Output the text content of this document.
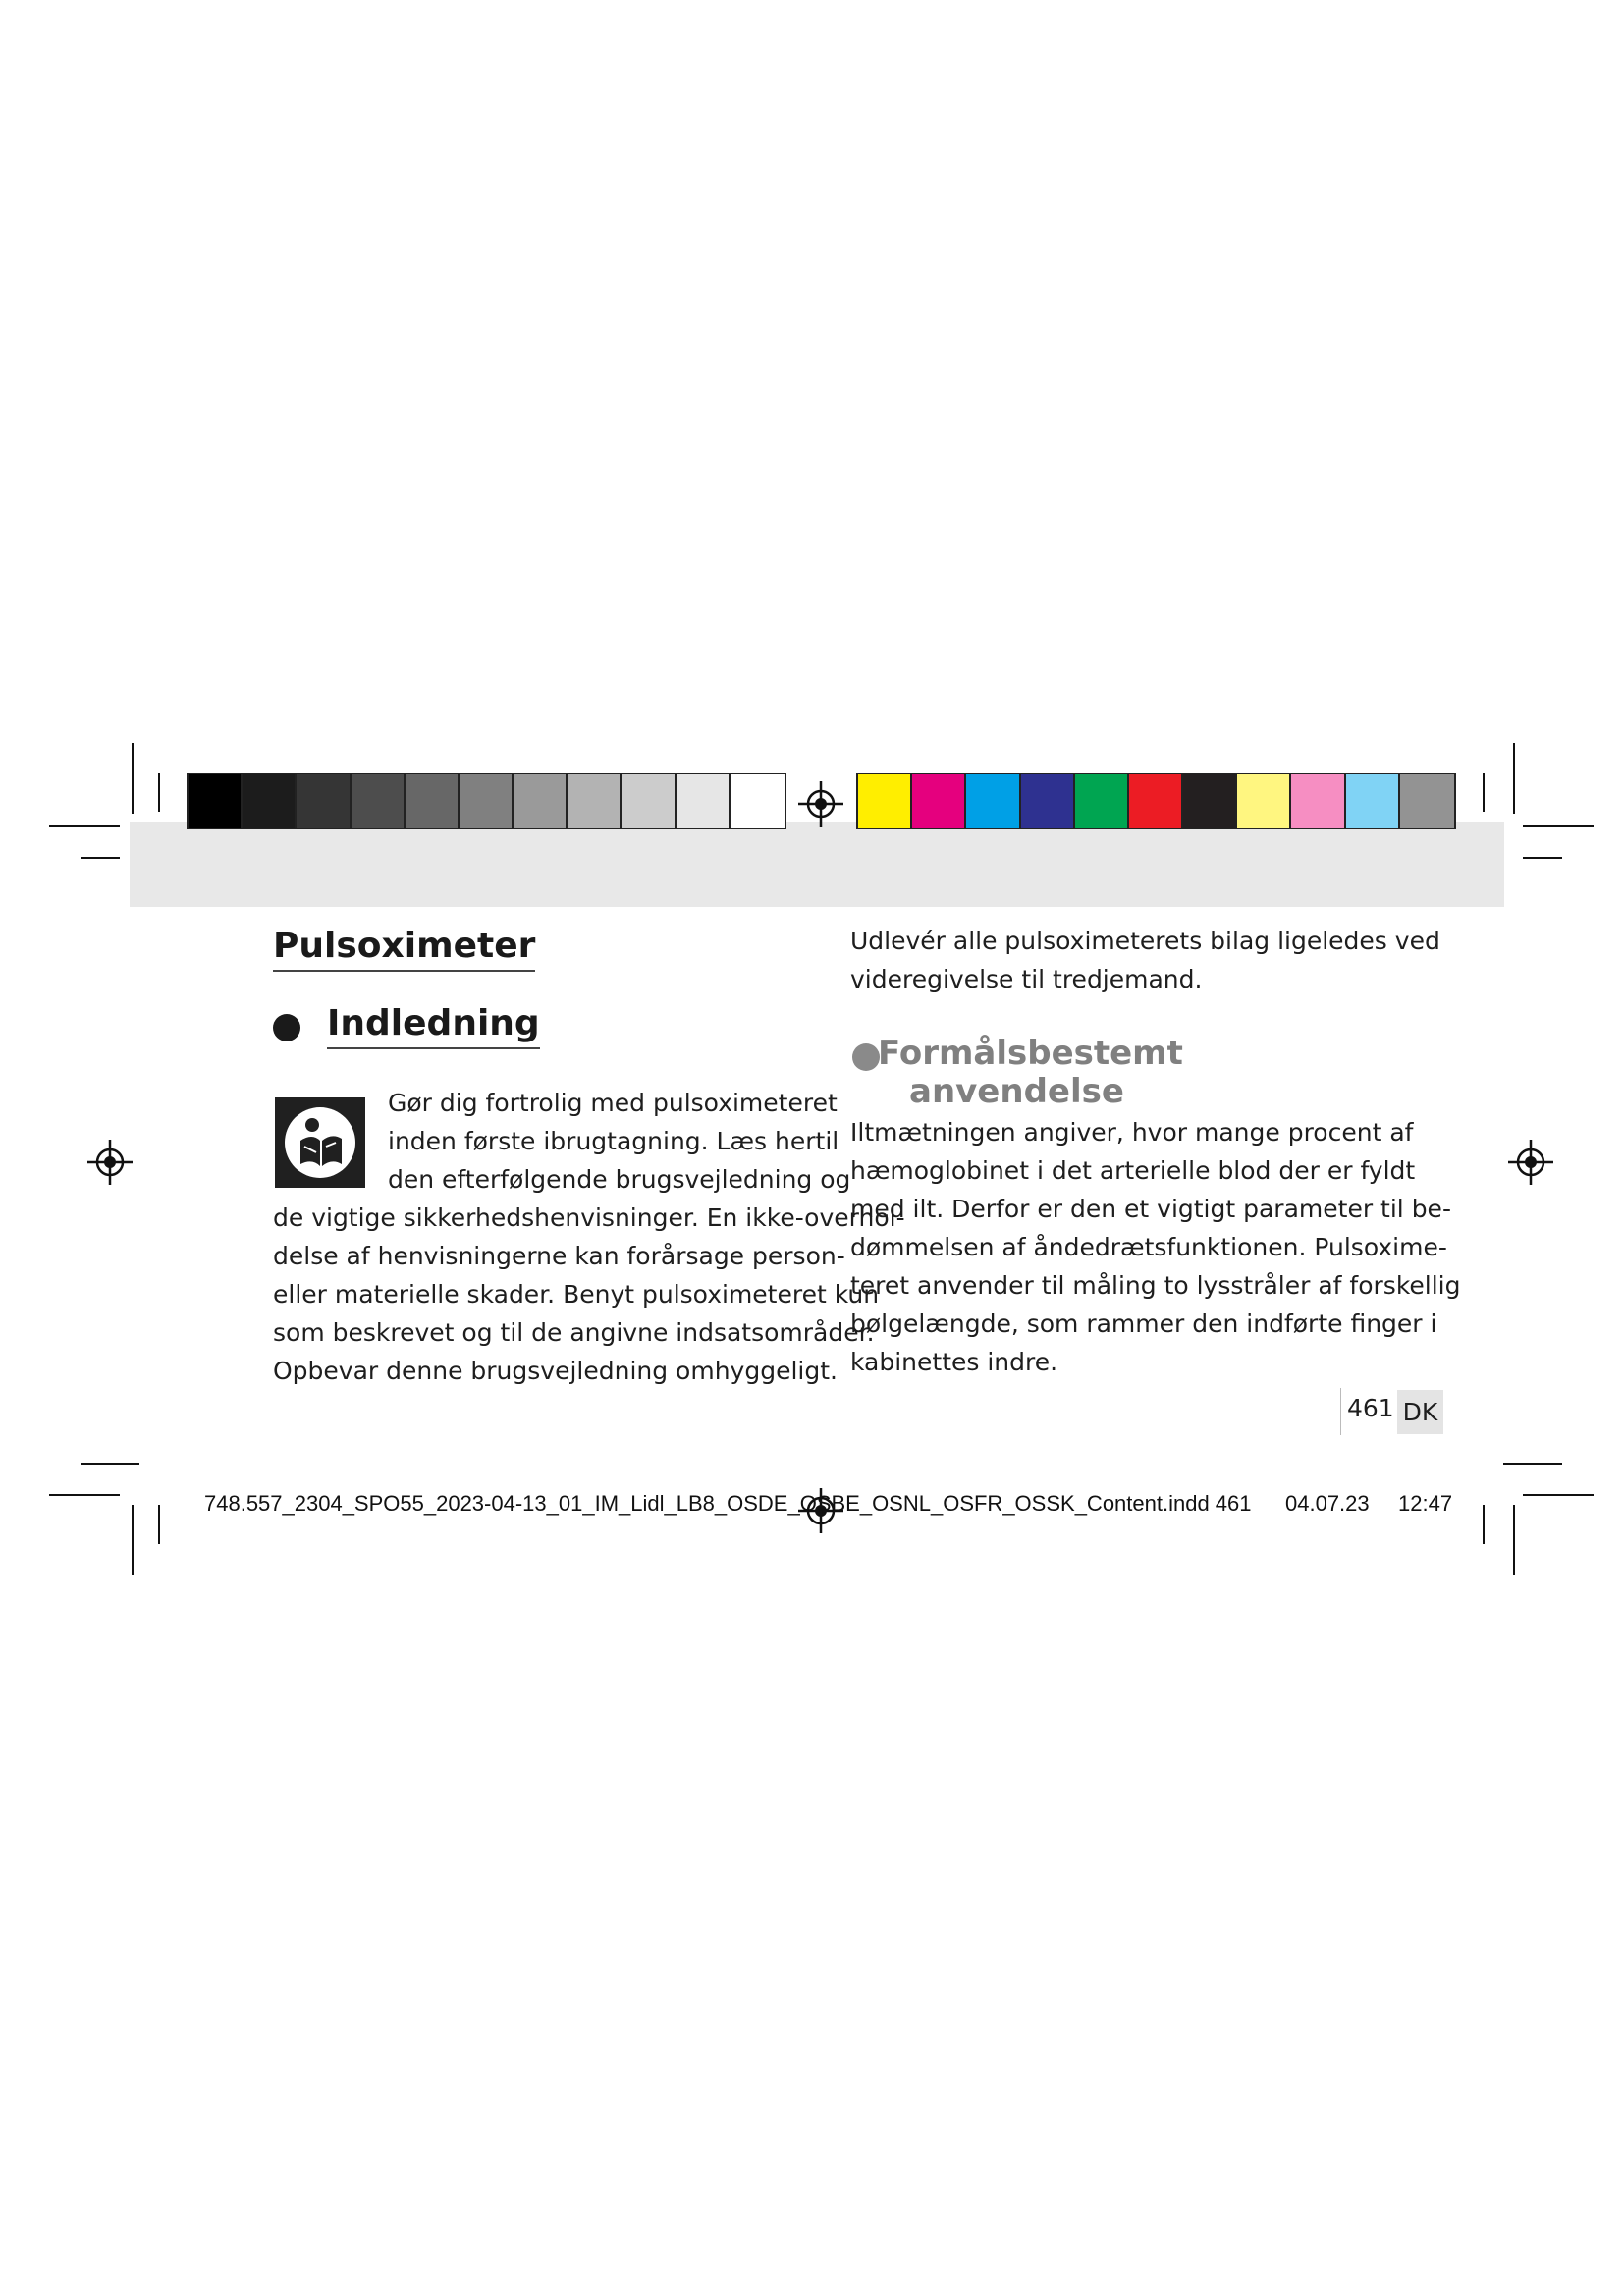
Pulsoximeter
Indledning
Gør dig fortrolig med pulsoximeteret
inden første ibrugtagning. Læs hertil
den efterfølgende brugsvejledning og
de vigtige sikkerhedshenvisninger. En ikke-overhol-
delse af henvisningerne kan forårsage person-
eller materielle skader. Benyt pulsoximeteret kun
som beskrevet og til de angivne indsatsområder.
Opbevar denne brugsvejledning omhyggeligt.
Udlevér alle pulsoximeterets bilag ligeledes ved
videregivelse til tredjemand.
Formålsbestemt
anvendelse
Iltmætningen angiver, hvor mange procent af
hæmoglobinet i det arterielle blod der er fyldt
med ilt. Derfor er den et vigtigt parameter til be-
dømmelsen af åndedrætsfunktionen. Pulsoxime-
teret anvender til måling to lysstråler af forskellig
bølgelængde, som rammer den indførte finger i
kabinettes indre.
461 DK
748.557_2304_SPO55_2023-04-13_01_IM_Lidl_LB8_OSDE_OSBE_OSNL_OSFR_OSSK_Content.indd 461 04.07.23 12:47
